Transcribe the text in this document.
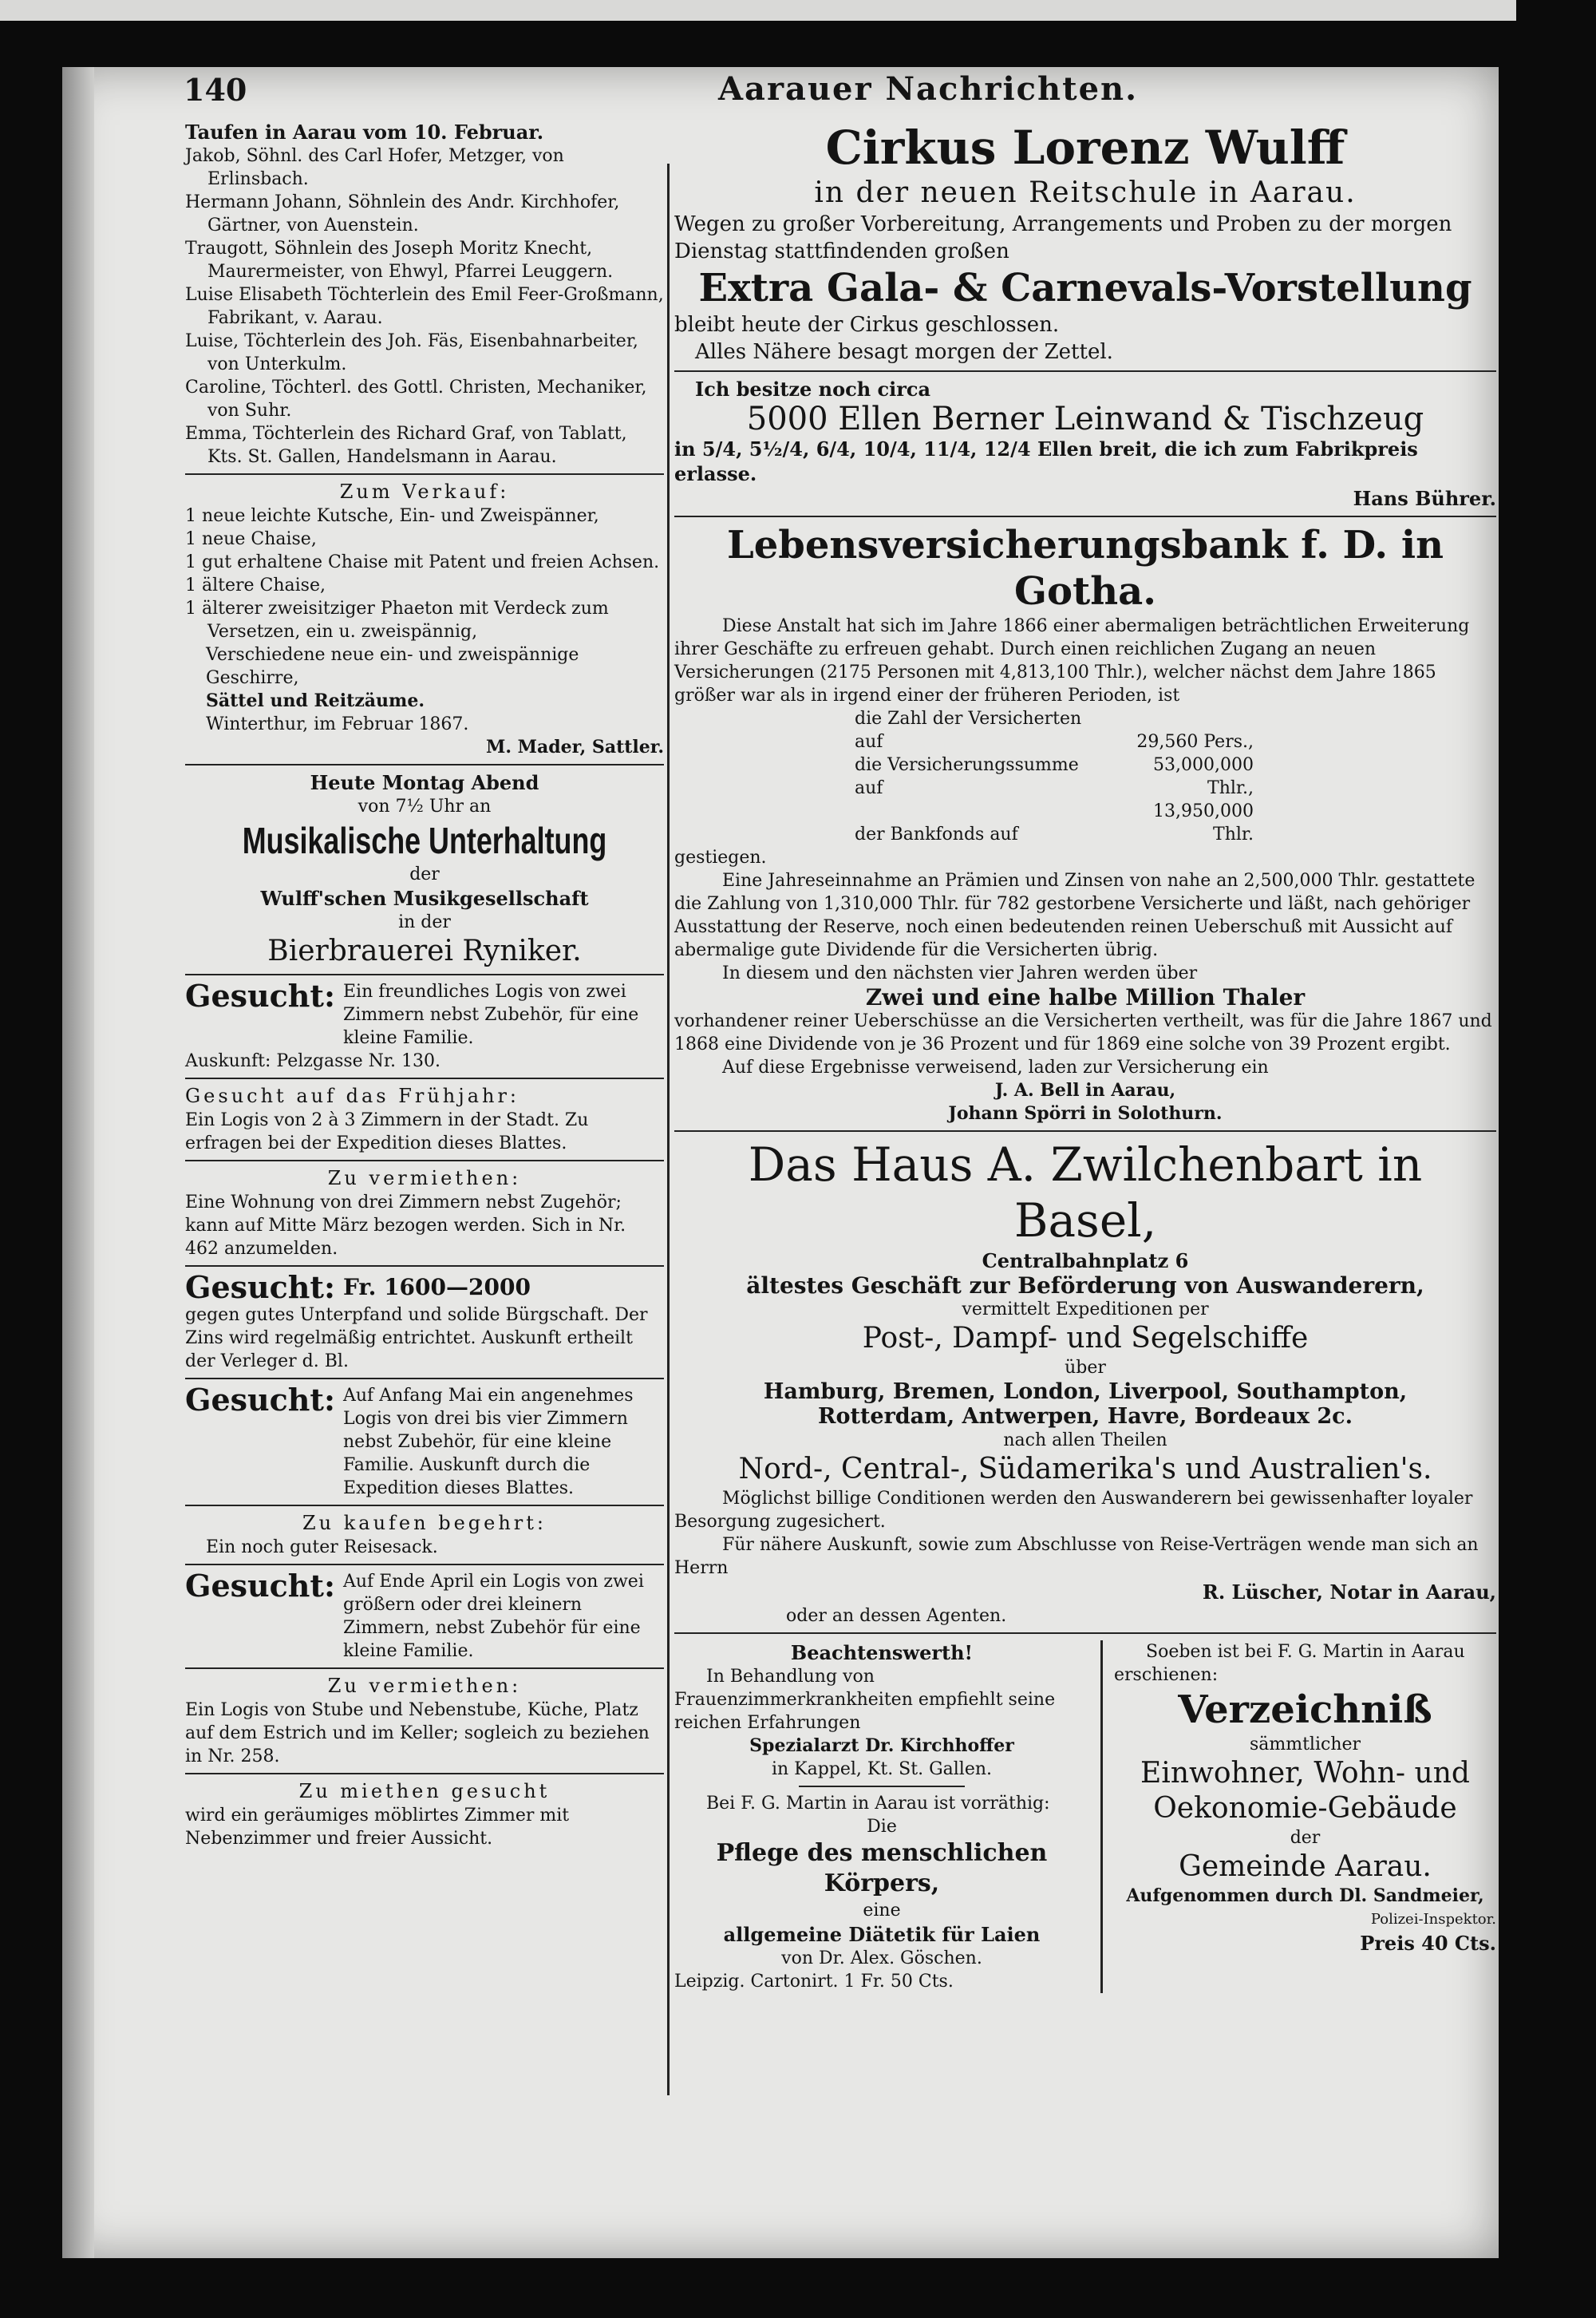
140	Aarauer Nachrichten.
Taufen in Aarau vom 10. Februar.
Jakob, Söhnl. des Carl Hofer, Metzger, von Erlinsbach.
Hermann Johann, Söhnlein des Andr. Kirchhofer, Gärtner, von Auenstein.
Traugott, Söhnlein des Joseph Moritz Knecht, Maurermeister, von Ehwyl, Pfarrei Leuggern.
Luise Elisabeth Töchterlein des Emil Feer-Großmann, Fabrikant, v. Aarau.
Luise, Töchterlein des Joh. Fäs, Eisenbahnarbeiter, von Unterkulm.
Caroline, Töchterl. des Gottl. Christen, Mechaniker, von Suhr.
Emma, Töchterlein des Richard Graf, von Tablatt, Kts. St. Gallen, Handelsmann in Aarau.
Zum Verkauf:
1 neue leichte Kutsche, Ein- und Zweispänner,
1 neue Chaise,
1 gut erhaltene Chaise mit Patent und freien Achsen.
1 ältere Chaise,
1 älterer zweisitziger Phaeton mit Verdeck zum Versetzen, ein u. zweispännig,
Verschiedene neue ein- und zweispännige Geschirre,
Sättel und Reitzäume.
Winterthur, im Februar 1867.
M. Mader, Sattler.
Heute Montag Abend
von 7½ Uhr an
Musikalische Unterhaltung
der
Wulff'schen Musikgesellschaft
in der
Bierbrauerei Ryniker.
Gesucht: Ein freundliches Logis von zwei Zimmern nebst Zubehör, für eine kleine Familie.
Auskunft: Pelzgasse Nr. 130.
Gesucht auf das Frühjahr:
Ein Logis von 2 à 3 Zimmern in der Stadt. Zu erfragen bei der Expedition dieses Blattes.
Zu vermiethen:
Eine Wohnung von drei Zimmern nebst Zugehör; kann auf Mitte März bezogen werden. Sich in Nr. 462 anzumelden.
Gesucht: Fr. 1600—2000
gegen gutes Unterpfand und solide Bürgschaft. Der Zins wird regelmäßig entrichtet. Auskunft ertheilt der Verleger d. Bl.
Gesucht: Auf Anfang Mai ein angenehmes Logis von drei bis vier Zimmern nebst Zubehör, für eine kleine Familie. Auskunft durch die Expedition dieses Blattes.
Zu kaufen begehrt:
Ein noch guter Reisesack.
Gesucht: Auf Ende April ein Logis von zwei größern oder drei kleinern Zimmern, nebst Zubehör für eine kleine Familie.
Zu vermiethen:
Ein Logis von Stube und Nebenstube, Küche, Platz auf dem Estrich und im Keller; sogleich zu beziehen in Nr. 258.
Zu miethen gesucht
wird ein geräumiges möblirtes Zimmer mit Nebenzimmer und freier Aussicht.
Cirkus Lorenz Wulff
in der neuen Reitschule in Aarau.
Wegen zu großer Vorbereitung, Arrangements und Proben zu der morgen Dienstag stattfindenden großen
Extra Gala- & Carnevals-Vorstellung
bleibt heute der Cirkus geschlossen.
Alles Nähere besagt morgen der Zettel.
Ich besitze noch circa
5000 Ellen Berner Leinwand & Tischzeug
in 5/4, 5½/4, 6/4, 10/4, 11/4, 12/4 Ellen breit, die ich zum Fabrikpreis erlasse.
Hans Bührer.
Lebensversicherungsbank f. D. in Gotha.
Diese Anstalt hat sich im Jahre 1866 einer abermaligen beträchtlichen Erweiterung ihrer Geschäfte zu erfreuen gehabt. Durch einen reichlichen Zugang an neuen Versicherungen (2175 Personen mit 4,813,100 Thlr.), welcher nächst dem Jahre 1865 größer war als in irgend einer der früheren Perioden, ist
die Zahl der Versicherten auf	29,560 Pers.,
die Versicherungssumme auf53,000,000 Thlr.,
der Bankfonds auf13,950,000 Thlr.
gestiegen.
Eine Jahreseinnahme an Prämien und Zinsen von nahe an 2,500,000 Thlr. gestattete die Zahlung von 1,310,000 Thlr. für 782 gestorbene Versicherte und läßt, nach gehöriger Ausstattung der Reserve, noch einen bedeutenden reinen Ueberschuß mit Aussicht auf abermalige gute Dividende für die Versicherten übrig.
In diesem und den nächsten vier Jahren werden über
Zwei und eine halbe Million Thaler
vorhandener reiner Ueberschüsse an die Versicherten vertheilt, was für die Jahre 1867 und 1868 eine Dividende von je 36 Prozent und für 1869 eine solche von 39 Prozent ergibt.
Auf diese Ergebnisse verweisend, laden zur Versicherung ein
J. A. Bell in Aarau,
Johann Spörri in Solothurn.
Das Haus A. Zwilchenbart in Basel,
Centralbahnplatz 6
ältestes Geschäft zur Beförderung von Auswanderern,
vermittelt Expeditionen per
Post-, Dampf- und Segelschiffe
über
Hamburg, Bremen, London, Liverpool, Southampton,
Rotterdam, Antwerpen, Havre, Bordeaux 2c.
nach allen Theilen
Nord-, Central-, Südamerika's und Australien's.
Möglichst billige Conditionen werden den Auswanderern bei gewissenhafter loyaler Besorgung zugesichert.
Für nähere Auskunft, sowie zum Abschlusse von Reise-Verträgen wende man sich an Herrn
R. Lüscher, Notar in Aarau,
oder an dessen Agenten.
Beachtenswerth!
In Behandlung von Frauenzimmerkrankheiten empfiehlt seine reichen Erfahrungen
Spezialarzt Dr. Kirchhoffer
in Kappel, Kt. St. Gallen.
Bei F. G. Martin in Aarau ist vorräthig:
Die
Pflege des menschlichen Körpers,
eine
allgemeine Diätetik für Laien
von Dr. Alex. Göschen.
Leipzig. Cartonirt. 1 Fr. 50 Cts.
Soeben ist bei F. G. Martin in Aarau erschienen:
Verzeichniß
sämmtlicher
Einwohner, Wohn- und
Oekonomie-Gebäude
der
Gemeinde Aarau.
Aufgenommen durch Dl. Sandmeier,
Polizei-Inspektor.
Preis 40 Cts.
